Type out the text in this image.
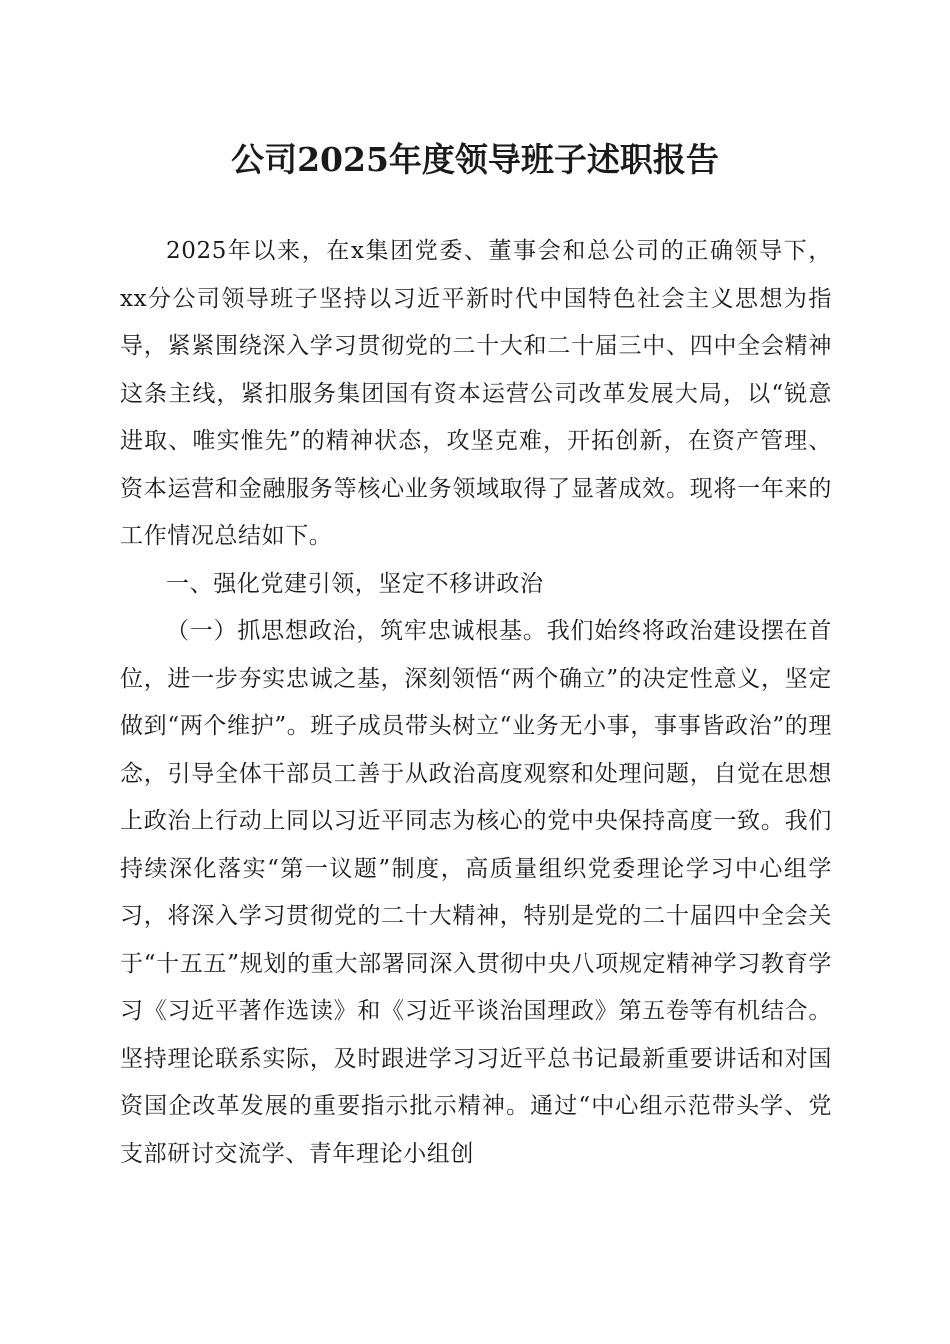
公司2025年度领导班子述职报告

2025年以来，在x集团党委、董事会和总公司的正确领导下，xx分公司领导班子坚持以习近平新时代中国特色社会主义思想为指导，紧紧围绕深入学习贯彻党的二十大和二十届三中、四中全会精神这条主线，紧扣服务集团国有资本运营公司改革发展大局，以“锐意进取、唯实惟先”的精神状态，攻坚克难，开拓创新，在资产管理、资本运营和金融服务等核心业务领域取得了显著成效。现将一年来的工作情况总结如下。

一、强化党建引领，坚定不移讲政治

（一）抓思想政治，筑牢忠诚根基。我们始终将政治建设摆在首位，进一步夯实忠诚之基，深刻领悟“两个确立”的决定性意义，坚定做到“两个维护”。班子成员带头树立“业务无小事，事事皆政治”的理念，引导全体干部员工善于从政治高度观察和处理问题，自觉在思想上政治上行动上同以习近平同志为核心的党中央保持高度一致。我们持续深化落实“第一议题”制度，高质量组织党委理论学习中心组学习，将深入学习贯彻党的二十大精神，特别是党的二十届四中全会关于“十五五”规划的重大部署同深入贯彻中央八项规定精神学习教育学习《习近平著作选读》和《习近平谈治国理政》第五卷等有机结合。坚持理论联系实际，及时跟进学习习近平总书记最新重要讲话和对国资国企改革发展的重要指示批示精神。通过“中心组示范带头学、党支部研讨交流学、青年理论小组创
